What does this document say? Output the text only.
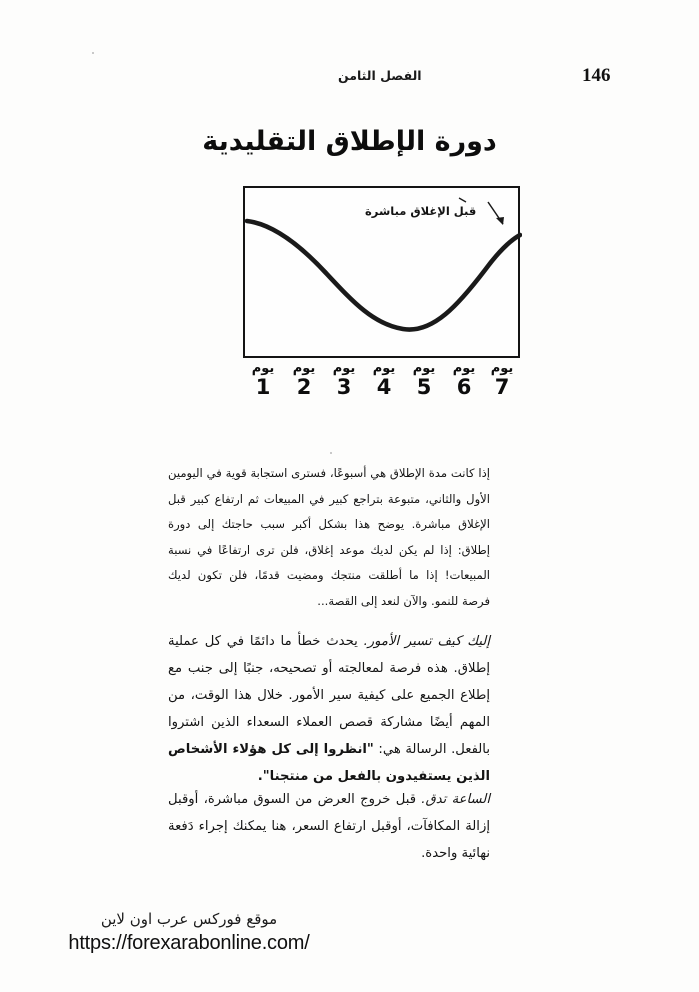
الفصل الثامن	146
دورة الإطلاق التقليدية
قبل الإغلاق مباشرة
يوم
1
يوم
2
يوم
3
يوم
4
يوم
5
يوم
6
يوم
7
إذا كانت مدة الإطلاق هي أسبوعًا، فسترى استجابة قوية في اليومين الأول والثاني، متبوعة بتراجع كبير في المبيعات ثم ارتفاع كبير قبل الإغلاق مباشرة. يوضح هذا بشكل أكبر سبب حاجتك إلى دورة إطلاق: إذا لم يكن لديك موعد إغلاق، فلن ترى ارتفاعًا في نسبة المبيعات! إذا ما أطلقت منتجك ومضيت قدمًا، فلن تكون لديك فرصة للنمو. والآن لنعد إلى القصة...
إليك كيف تسير الأمور. يحدث خطأ ما دائمًا في كل عملية إطلاق. هذه فرصة لمعالجته أو تصحيحه، جنبًا إلى جنب مع إطلاع الجميع على كيفية سير الأمور. خلال هذا الوقت، من المهم أيضًا مشاركة قصص العملاء السعداء الذين اشتروا بالفعل. الرسالة هي: "انظروا إلى كل هؤلاء الأشخاص الذين يستفيدون بالفعل من منتجنا".
الساعة تدق. قبل خروج العرض من السوق مباشرة، أوقبل إزالة المكافآت، أوقبل ارتفاع السعر، هنا يمكنك إجراء دَفعة نهائية واحدة.
موقع فوركس عرب اون لاين
https://forexarabonline.com/
